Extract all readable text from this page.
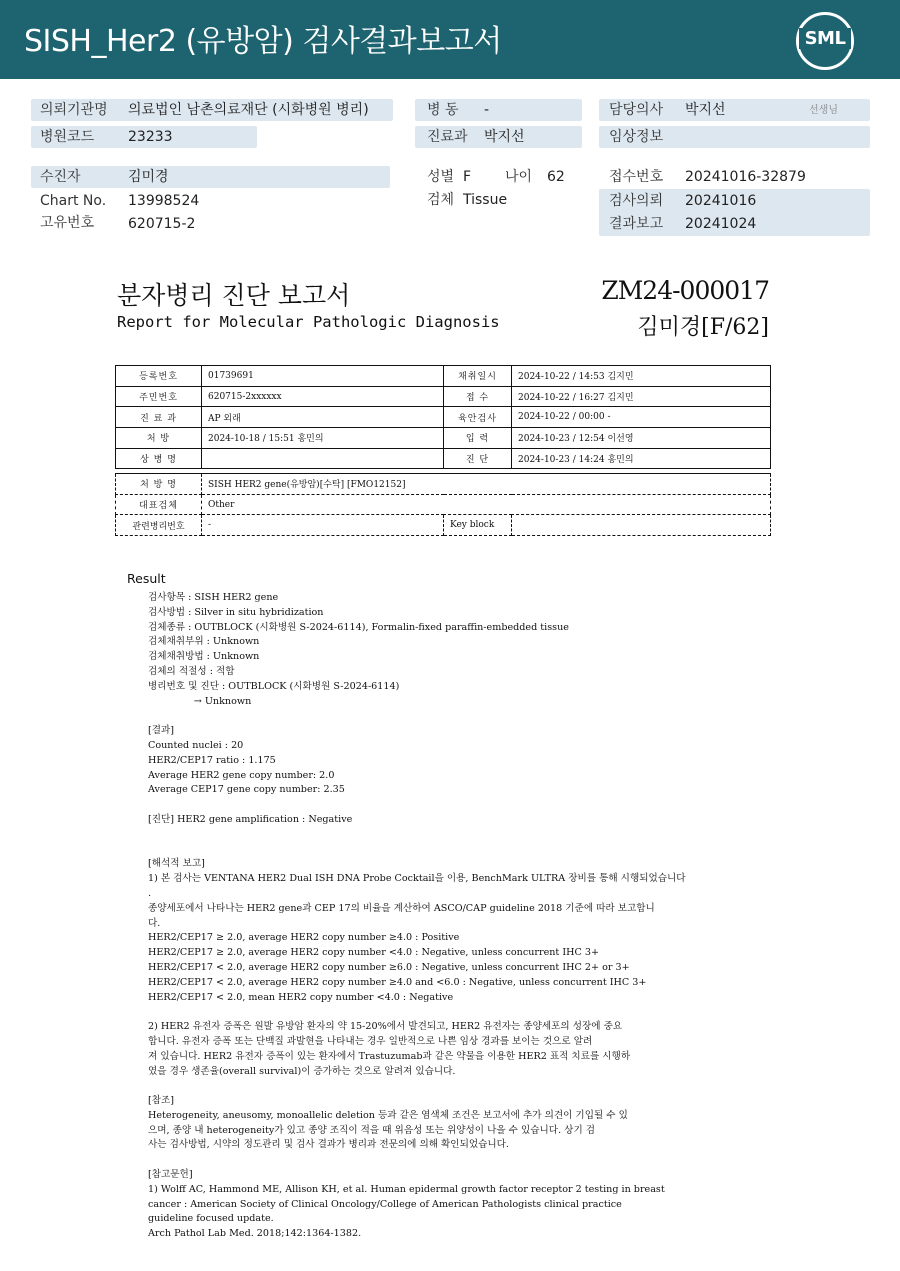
SISH_Her2 (유방암) 검사결과보고서	SML
의뢰기관명 의료법인 남촌의료재단 (시화병원 병리)
병원코드 23233
수진자	김미경
Chart No. 13998524
고유번호 620715-2
병 동 -
진료과 박지선
성별 F 나이 62
검체 Tissue
담당의사 박지선	선생님
임상정보
접수번호 20241016-32879
검사의뢰 20241016
결과보고 20241024
분자병리 진단 보고서
Report for Molecular Pathologic Diagnosis
ZM24-000017
김미경[F/62]
등록번호	01739691	채취일시	2024-10-22 / 14:53 김지민
주민번호	620715-2xxxxxx	접 수	2024-10-22 / 16:27 김지민
진 료 과	AP 외래	육안검사	2024-10-22 / 00:00 -
처 방	2024-10-18 / 15:51 홍민의	입 력	2024-10-23 / 12:54 이선영
상 병 명		진 단	2024-10-23 / 14:24 홍민의
처 방 명	SISH HER2 gene(유방암)[수탁] [FMO12152]		
대표검체	Other		
관련병리번호	-	Key block	
Result
검사항목 : SISH HER2 gene
검사방법 : Silver in situ hybridization
검체종류 : OUTBLOCK (시화병원 S-2024-6114), Formalin-fixed paraffin-embedded tissue
검체채취부위 : Unknown
검체채취방법 : Unknown
검체의 적절성 : 적합
병리번호 및 진단 : OUTBLOCK (시화병원 S-2024-6114)
→ Unknown
[결과]
Counted nuclei : 20
HER2/CEP17 ratio : 1.175
Average HER2 gene copy number: 2.0
Average CEP17 gene copy number: 2.35
[진단] HER2 gene amplification : Negative
[해석적 보고]
1) 본 검사는 VENTANA HER2 Dual ISH DNA Probe Cocktail을 이용, BenchMark ULTRA 장비를 통해 시행되었습니다
.
종양세포에서 나타나는 HER2 gene과 CEP 17의 비율을 계산하여 ASCO/CAP guideline 2018 기준에 따라 보고합니
다.
HER2/CEP17 ≥ 2.0, average HER2 copy number ≥4.0 : Positive
HER2/CEP17 ≥ 2.0, average HER2 copy number <4.0 : Negative, unless concurrent IHC 3+
HER2/CEP17 < 2.0, average HER2 copy number ≥6.0 : Negative, unless concurrent IHC 2+ or 3+
HER2/CEP17 < 2.0, average HER2 copy number ≥4.0 and <6.0 : Negative, unless concurrent IHC 3+
HER2/CEP17 < 2.0, mean HER2 copy number <4.0 : Negative
2) HER2 유전자 증폭은 원발 유방암 환자의 약 15-20%에서 발견되고, HER2 유전자는 종양세포의 성장에 중요
합니다. 유전자 증폭 또는 단백질 과발현을 나타내는 경우 일반적으로 나쁜 임상 경과를 보이는 것으로 알려
져 있습니다. HER2 유전자 증폭이 있는 환자에서 Trastuzumab과 같은 약물을 이용한 HER2 표적 치료를 시행하
였을 경우 생존율(overall survival)이 증가하는 것으로 알려져 있습니다.
[참조]
Heterogeneity, aneusomy, monoallelic deletion 등과 같은 염색체 조건은 보고서에 추가 의견이 기입될 수 있
으며, 종양 내 heterogeneity가 있고 종양 조직이 적을 때 위음성 또는 위양성이 나올 수 있습니다. 상기 검
사는 검사방법, 시약의 정도관리 및 검사 결과가 병리과 전문의에 의해 확인되었습니다.
[참고문헌]
1) Wolff AC, Hammond ME, Allison KH, et al. Human epidermal growth factor receptor 2 testing in breast
cancer : American Society of Clinical Oncology/College of American Pathologists clinical practice
guideline focused update.
Arch Pathol Lab Med. 2018;142:1364-1382.
